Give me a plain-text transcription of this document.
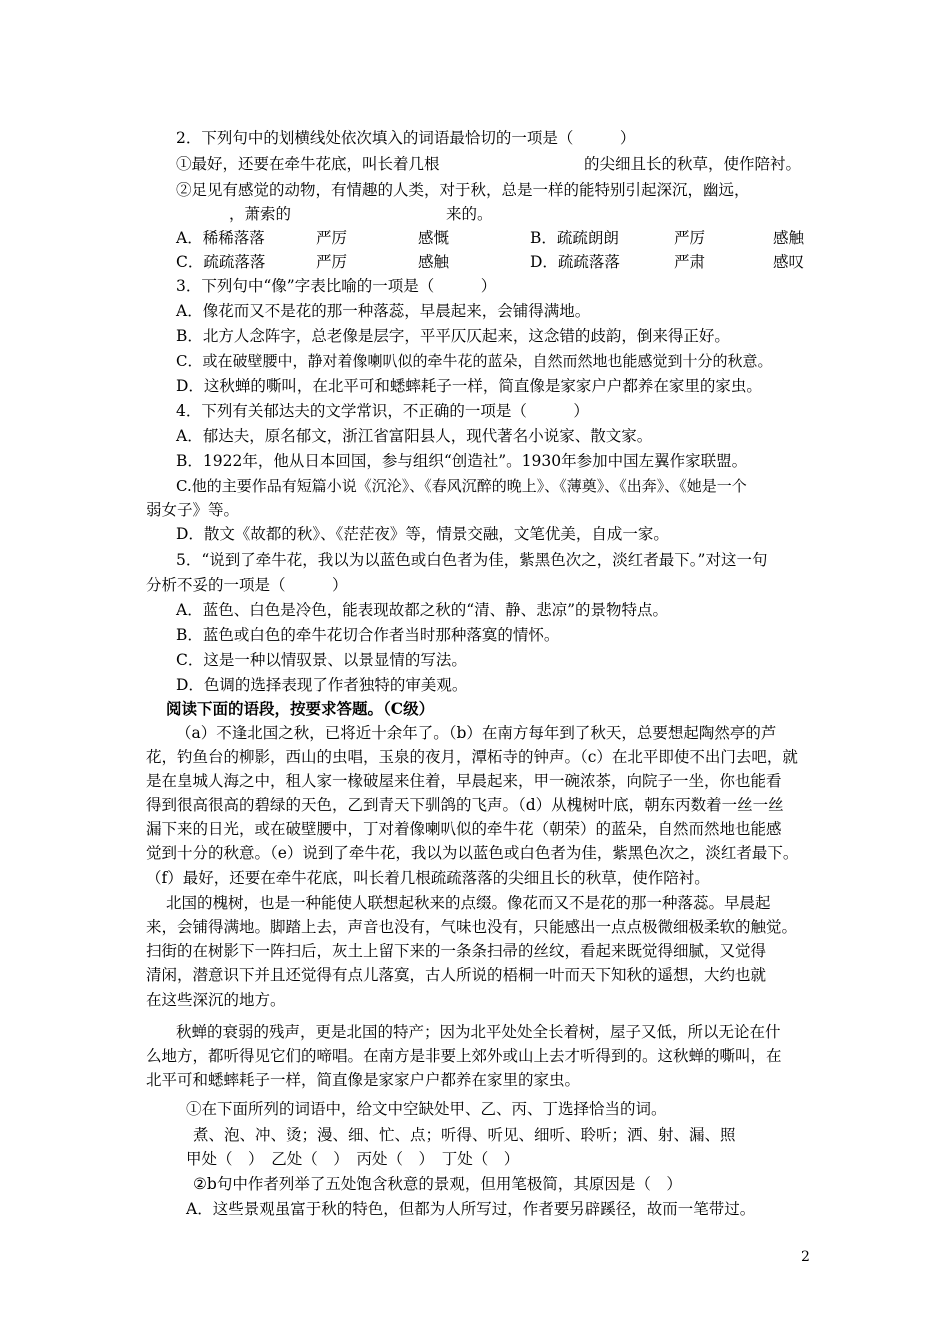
2．下列句中的划横线处依次填入的词语最恰切的一项是（　　　）
①最好，还要在牵牛花底，叫长着几根	的尖细且长的秋草，使作陪衬。
②足见有感觉的动物，有情趣的人类，对于秋，总是一样的能特别引起深沉，幽远，
，萧索的	来的。
A．稀稀落落	严厉	感慨	B．疏疏朗朗	严厉	感触
C．疏疏落落	严厉	感触	D．疏疏落落	严肃	感叹
3．下列句中“像”字表比喻的一项是（　　　）
A．像花而又不是花的那一种落蕊，早晨起来，会铺得满地。
B．北方人念阵字，总老像是层字，平平仄仄起来，这念错的歧韵，倒来得正好。
C．或在破壁腰中，静对着像喇叭似的牵牛花的蓝朵，自然而然地也能感觉到十分的秋意。
D．这秋蝉的嘶叫，在北平可和蟋蟀耗子一样，简直像是家家户户都养在家里的家虫。
4．下列有关郁达夫的文学常识，不正确的一项是（　　　）
A．郁达夫，原名郁文，浙江省富阳县人，现代著名小说家、散文家。
B．1922年，他从日本回国，参与组织“创造社”。1930年参加中国左翼作家联盟。
C.他的主要作品有短篇小说《沉沦》、《春风沉醉的晚上》、《薄奠》、《出奔》、《她是一个
弱女子》等。
D．散文《故都的秋》、《茫茫夜》等，情景交融，文笔优美，自成一家。
5．“说到了牵牛花，我以为以蓝色或白色者为佳，紫黑色次之，淡红者最下。”对这一句
分析不妥的一项是（　　　）
A．蓝色、白色是冷色，能表现故都之秋的“清、静、悲凉”的景物特点。
B．蓝色或白色的牵牛花切合作者当时那种落寞的情怀。
C．这是一种以情驭景、以景显情的写法。
D．色调的选择表现了作者独特的审美观。
阅读下面的语段，按要求答题。（C级）
（a）不逢北国之秋，已将近十余年了。（b）在南方每年到了秋天，总要想起陶然亭的芦
花，钓鱼台的柳影，西山的虫唱，玉泉的夜月，潭柘寺的钟声。（c）在北平即使不出门去吧，就
是在皇城人海之中，租人家一椽破屋来住着，早晨起来，甲一碗浓茶，向院子一坐，你也能看
得到很高很高的碧绿的天色，乙到青天下驯鸽的飞声。（d）从槐树叶底，朝东丙数着一丝一丝
漏下来的日光，或在破壁腰中，丁对着像喇叭似的牵牛花（朝荣）的蓝朵，自然而然地也能感
觉到十分的秋意。（e）说到了牵牛花，我以为以蓝色或白色者为佳，紫黑色次之，淡红者最下。
（f）最好，还要在牵牛花底，叫长着几根疏疏落落的尖细且长的秋草，使作陪衬。
北国的槐树，也是一种能使人联想起秋来的点缀。像花而又不是花的那一种落蕊。早晨起
来，会铺得满地。脚踏上去，声音也没有，气味也没有，只能感出一点点极微细极柔软的触觉。
扫街的在树影下一阵扫后，灰土上留下来的一条条扫帚的丝纹，看起来既觉得细腻，又觉得
清闲，潜意识下并且还觉得有点儿落寞，古人所说的梧桐一叶而天下知秋的遥想，大约也就
在这些深沉的地方。
秋蝉的衰弱的残声，更是北国的特产；因为北平处处全长着树，屋子又低，所以无论在什
么地方，都听得见它们的啼唱。在南方是非要上郊外或山上去才听得到的。这秋蝉的嘶叫，在
北平可和蟋蟀耗子一样，简直像是家家户户都养在家里的家虫。
①在下面所列的词语中，给文中空缺处甲、乙、丙、丁选择恰当的词。
煮、泡、冲、烫；漫、细、忙、点；听得、听见、细听、聆听；洒、射、漏、照
甲处（　）　乙处（　）　丙处（　）　丁处（　）
②b句中作者列举了五处饱含秋意的景观，但用笔极简，其原因是（　）
A．这些景观虽富于秋的特色，但都为人所写过，作者要另辟蹊径，故而一笔带过。
2
